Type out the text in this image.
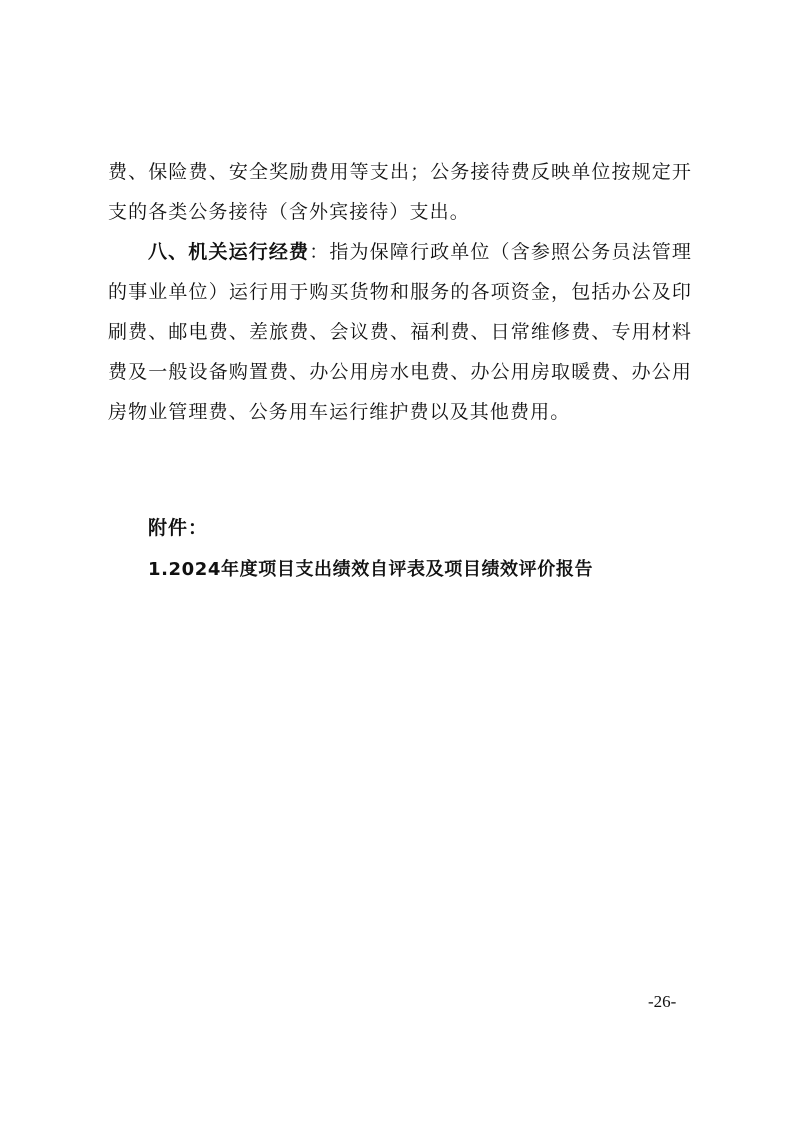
费、保险费、安全奖励费用等支出；公务接待费反映单位按规定开支的各类公务接待（含外宾接待）支出。

八、机关运行经费：指为保障行政单位（含参照公务员法管理的事业单位）运行用于购买货物和服务的各项资金，包括办公及印刷费、邮电费、差旅费、会议费、福利费、日常维修费、专用材料费及一般设备购置费、办公用房水电费、办公用房取暖费、办公用房物业管理费、公务用车运行维护费以及其他费用。

附件：
1.2024年度项目支出绩效自评表及项目绩效评价报告
-26-
